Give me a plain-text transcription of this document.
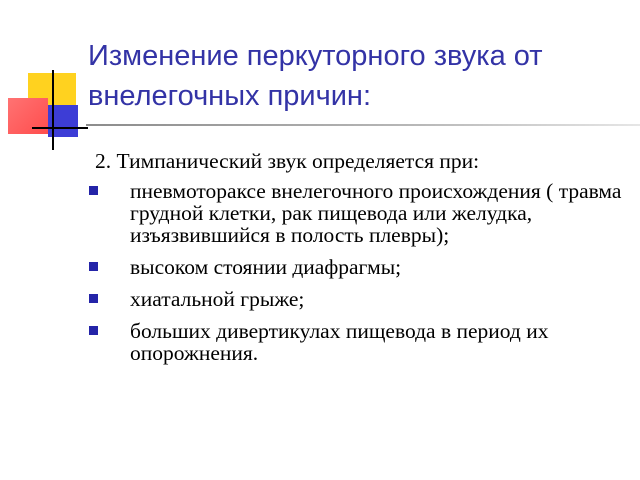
Изменение перкуторного звука от внелегочных причин:

2. Тимпанический звук определяется при:

пневмотораксе внелегочного происхождения ( травма грудной клетки, рак пищевода или желудка, изъязвившийся в полость плевры);
высоком стоянии диафрагмы;
хиатальной грыже;
больших дивертикулах пищевода в период их опорожнения.
